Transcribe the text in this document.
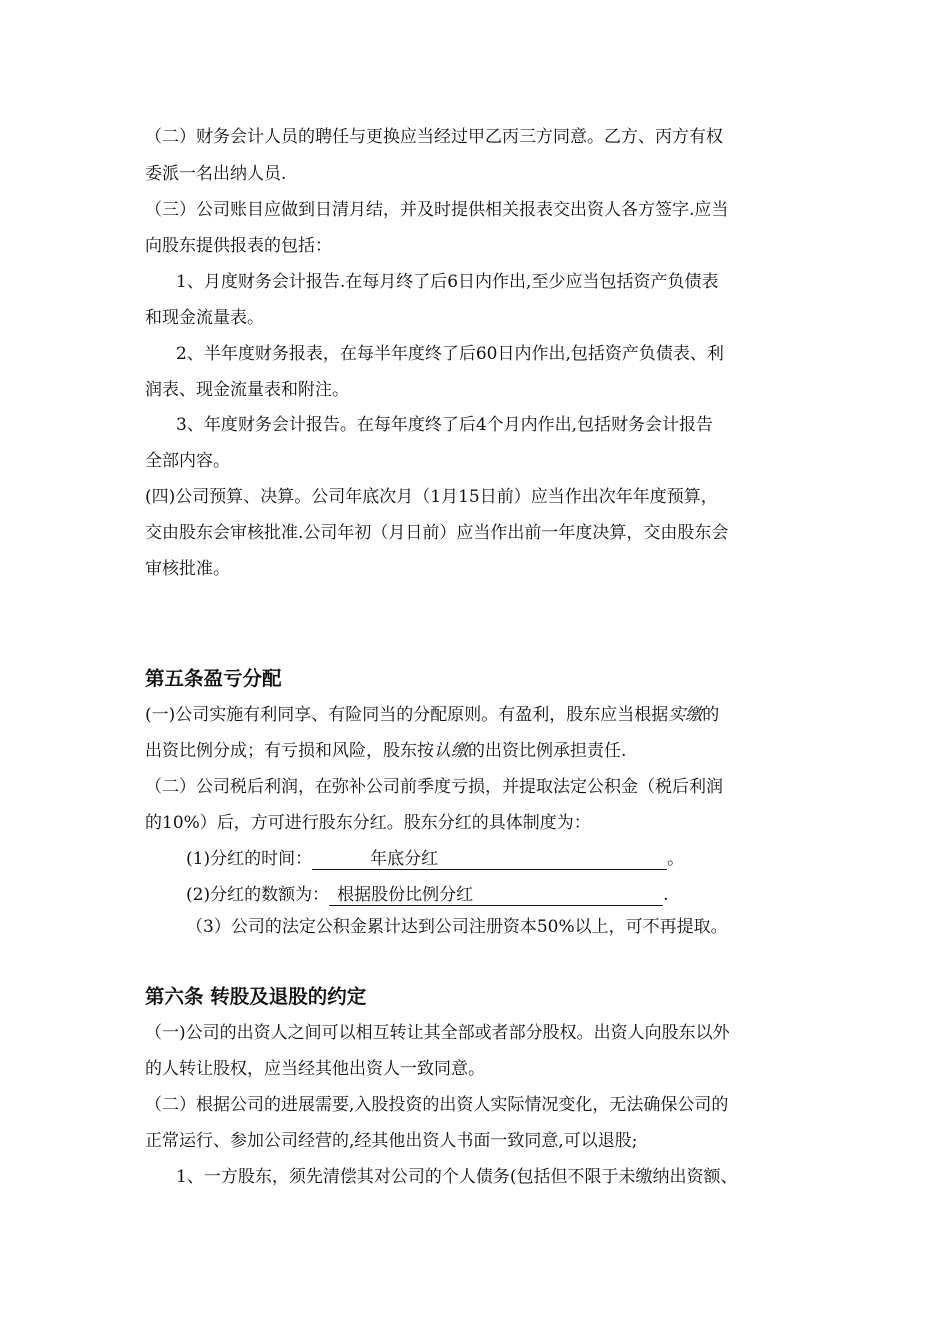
（二）财务会计人员的聘任与更换应当经过甲乙丙三方同意。乙方、丙方有权
委派一名出纳人员.
（三）公司账目应做到日清月结，并及时提供相关报表交出资人各方签字.应当
向股东提供报表的包括：
1、月度财务会计报告.在每月终了后6日内作出,至少应当包括资产负债表
和现金流量表。
2、半年度财务报表，在每半年度终了后60日内作出,包括资产负债表、利
润表、现金流量表和附注。
3、年度财务会计报告。在每年度终了后4个月内作出,包括财务会计报告
全部内容。
(四)公司预算、决算。公司年底次月（1月15日前）应当作出次年年度预算，
交由股东会审核批准.公司年初（月日前）应当作出前一年度决算，交由股东会
审核批准。
第五条盈亏分配
(一)公司实施有利同享、有险同当的分配原则。有盈利，股东应当根据实缴的
出资比例分成；有亏损和风险，股东按认缴的出资比例承担责任.
（二）公司税后利润，在弥补公司前季度亏损，并提取法定公积金（税后利润
的10%）后，方可进行股东分红。股东分红的具体制度为：
(1)分红的时间：	年底分红	。
(2)分红的数额为： 根据股份比例分红	.
（3）公司的法定公积金累计达到公司注册资本50%以上，可不再提取。
第六条 转股及退股的约定
（一)公司的出资人之间可以相互转让其全部或者部分股权。出资人向股东以外
的人转让股权，应当经其他出资人一致同意。
（二）根据公司的进展需要,入股投资的出资人实际情况变化，无法确保公司的
正常运行、参加公司经营的,经其他出资人书面一致同意,可以退股;
1、一方股东，须先清偿其对公司的个人债务(包括但不限于未缴纳出资额、
